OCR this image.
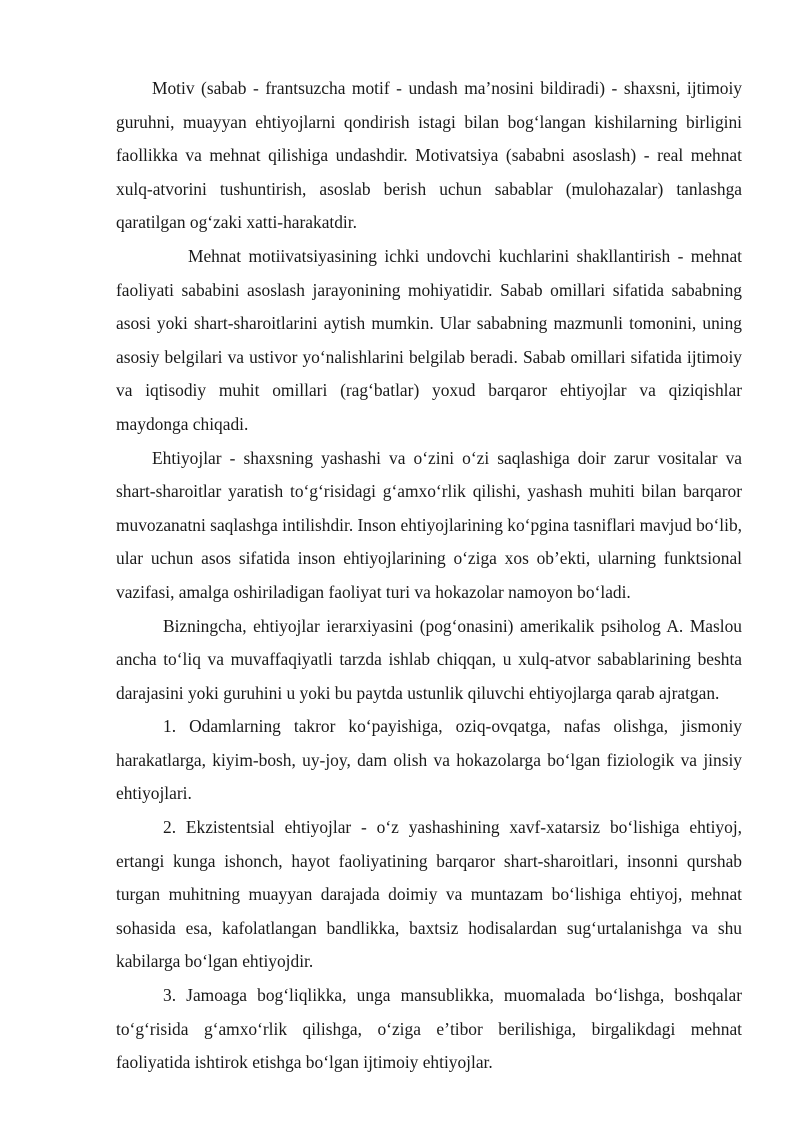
Motiv (sabab - frantsuzcha motif - undash maʼnosini bildiradi) - shaxsni, ijtimoiy guruhni, muayyan ehtiyojlarni qondirish istagi bilan bogʻlangan kishilarning birligini faollikka va mehnat qilishiga undashdir. Motivatsiya (sababni asoslash) - real mehnat xulq-atvorini tushuntirish, asoslab berish uchun sabablar (mulohazalar) tanlashga qaratilgan ogʻzaki xatti-harakatdir.

Mehnat motiivatsiyasining ichki undovchi kuchlarini shakllantirish - mehnat faoliyati sababini asoslash jarayonining mohiyatidir. Sabab omillari sifatida sababning asosi yoki shart-sharoitlarini aytish mumkin. Ular sababning mazmunli tomonini, uning asosiy belgilari va ustivor yoʻnalishlarini belgilab beradi. Sabab omillari sifatida ijtimoiy va iqtisodiy muhit omillari (ragʻbatlar) yoxud barqaror ehtiyojlar va qiziqishlar maydonga chiqadi.

Ehtiyojlar - shaxsning yashashi va oʻzini oʻzi saqlashiga doir zarur vositalar va shart-sharoitlar yaratish toʻgʻrisidagi gʻamxoʻrlik qilishi, yashash muhiti bilan barqaror muvozanatni saqlashga intilishdir. Inson ehtiyojlarining koʻpgina tasniflari mavjud boʻlib, ular uchun asos sifatida inson ehtiyojlarining oʻziga xos obʼekti, ularning funktsional vazifasi, amalga oshiriladigan faoliyat turi va hokazolar namoyon boʻladi.

Bizningcha, ehtiyojlar ierarxiyasini (pogʻonasini) amerikalik psiholog A. Maslou ancha toʻliq va muvaffaqiyatli tarzda ishlab chiqqan, u xulq-atvor sabablarining beshta darajasini yoki guruhini u yoki bu paytda ustunlik qiluvchi ehtiyojlarga qarab ajratgan.

1. Odamlarning takror koʻpayishiga, oziq-ovqatga, nafas olishga, jismoniy harakatlarga, kiyim-bosh, uy-joy, dam olish va hokazolarga boʻlgan fiziologik va jinsiy ehtiyojlari.

2. Ekzistentsial ehtiyojlar - oʻz yashashining xavf-xatarsiz boʻlishiga ehtiyoj, ertangi kunga ishonch, hayot faoliyatining barqaror shart-sharoitlari, insonni qurshab turgan muhitning muayyan darajada doimiy va muntazam boʻlishiga ehtiyoj, mehnat sohasida esa, kafolatlangan bandlikka, baxtsiz hodisalardan sugʻurtalanishga va shu kabilarga boʻlgan ehtiyojdir.

3. Jamoaga bogʻliqlikka, unga mansublikka, muomalada boʻlishga, boshqalar toʻgʻrisida gʻamxoʻrlik qilishga, oʻziga eʼtibor berilishiga, birgalikdagi mehnat faoliyatida ishtirok etishga boʻlgan ijtimoiy ehtiyojlar.
